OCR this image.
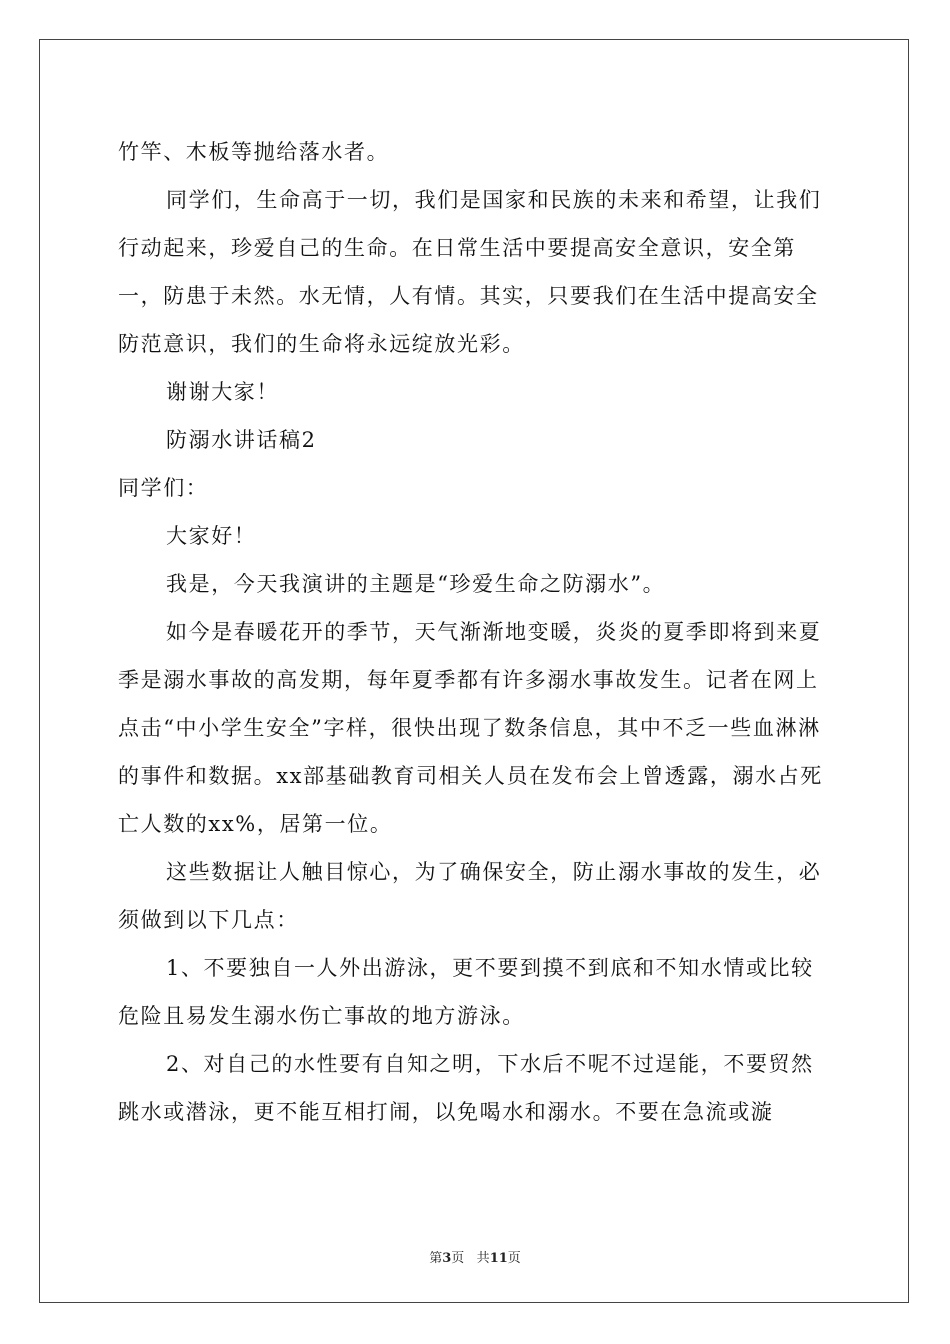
竹竿、木板等抛给落水者。

同学们，生命高于一切，我们是国家和民族的未来和希望，让我们行动起来，珍爱自己的生命。在日常生活中要提高安全意识，安全第一，防患于未然。水无情，人有情。其实，只要我们在生活中提高安全防范意识，我们的生命将永远绽放光彩。

谢谢大家！

防溺水讲话稿2

同学们：

大家好！

我是，今天我演讲的主题是“珍爱生命之防溺水”。

如今是春暖花开的季节，天气渐渐地变暖，炎炎的夏季即将到来夏季是溺水事故的高发期，每年夏季都有许多溺水事故发生。记者在网上点击“中小学生安全”字样，很快出现了数条信息，其中不乏一些血淋淋的事件和数据。xx部基础教育司相关人员在发布会上曾透露，溺水占死亡人数的xx%，居第一位。

这些数据让人触目惊心，为了确保安全，防止溺水事故的发生，必须做到以下几点：

1、不要独自一人外出游泳，更不要到摸不到底和不知水情或比较危险且易发生溺水伤亡事故的地方游泳。

2、对自己的水性要有自知之明，下水后不呢不过逞能，不要贸然跳水或潜泳，更不能互相打闹，以免喝水和溺水。不要在急流或漩

第3页 共11页
